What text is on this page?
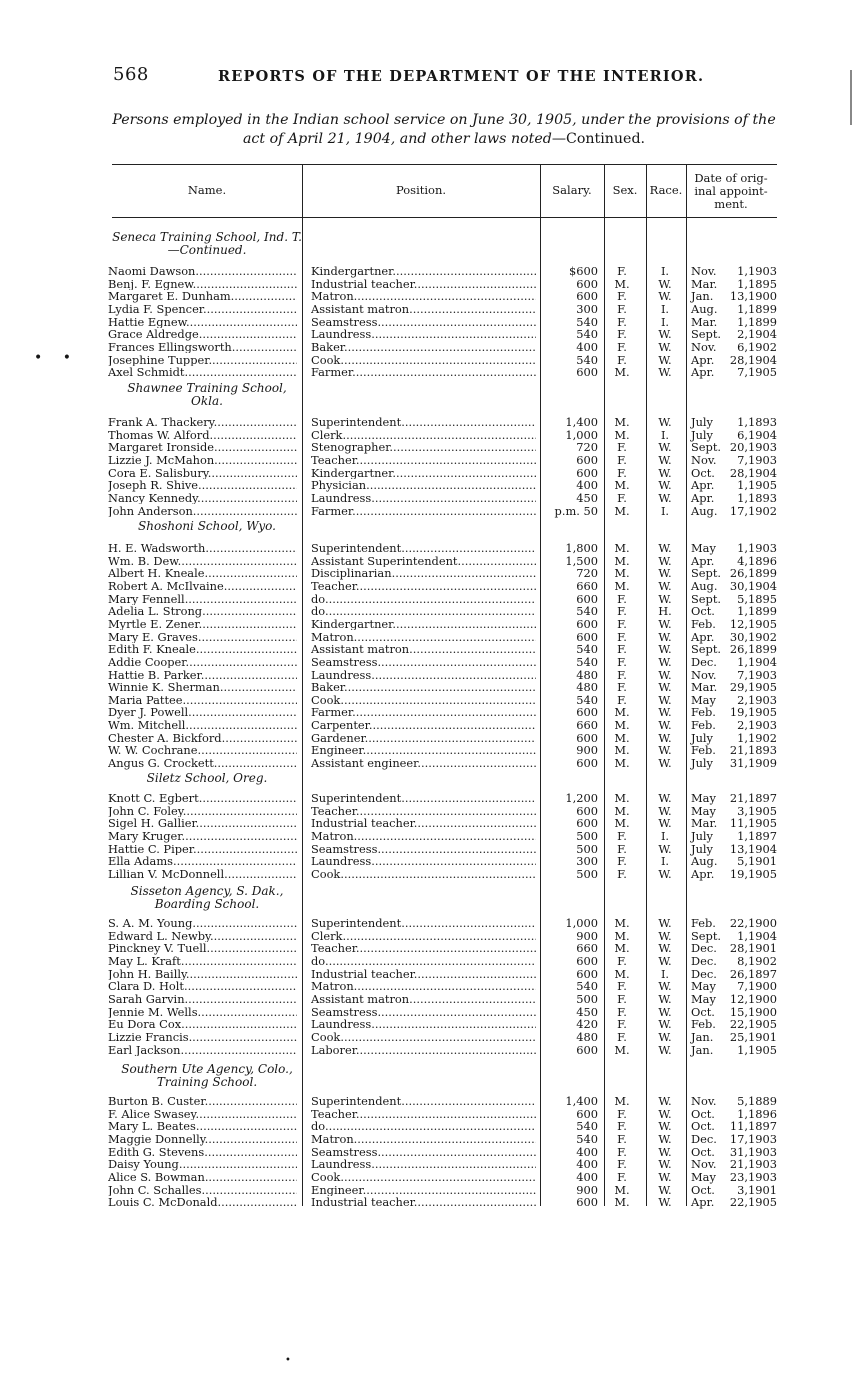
568	REPORTS OF THE DEPARTMENT OF THE INTERIOR.
Persons employed in the Indian school service on June 30, 1905, under the provisions of the act of April 21, 1904, and other laws noted—Continued.
Name.	Position.	Salary.	Sex.	Race.
Date of orig- inal appoint- ment.
Seneca Training School, Ind. T.—Continued.
Naomi Dawson .....	Kindergartner .....	$600	F.	I.	Nov. 1,1903
Benj. F. Egnew .....	Industrial teacher .....	600	M.	W.	Mar. 1,1895
Margaret E. Dunham .....	Matron .....	600	F.	W.	Jan. 13,1900
Lydia F. Spencer .....	Assistant matron .....	300	F.	I.	Aug. 1,1899
Hattie Egnew .....	Seamstress .....	540	F.	I.	Mar. 1,1899
Grace Aldredge .....	Laundress .....	540	F.	W.	Sept. 2,1904
Frances Ellingsworth .....	Baker .....	400	F.	W.	Nov. 6,1902
Josephine Tupper .....	Cook .....	540	F.	W.	Apr. 28,1904
Axel Schmidt .....	Farmer .....	600	M.	W.	Apr. 7,1905
Shawnee Training School, Okla.
Frank A. Thackery .....	Superintendent .....	1,400	M.	W.	July 1,1893
Thomas W. Alford .....	Clerk .....	1,000	M.	I.	July 6,1904
Margaret Ironside .....	Stenographer .....	720	F.	W.	Sept. 20,1903
Lizzie J. McMahon .....	Teacher .....	600	F.	W.	Nov. 7,1903
Cora E. Salisbury .....	Kindergartner .....	600	F.	W.	Oct. 28,1904
Joseph R. Shive .....	Physician .....	400	M.	W.	Apr. 1,1905
Nancy Kennedy .....	Laundress .....	450	F.	W.	Apr. 1,1893
John Anderson .....	Farmer .....	p.m. 50	M.	I.	Aug. 17,1902
Shoshoni School, Wyo.
H. E. Wadsworth .....	Superintendent .....	1,800	M.	W.	May 1,1903
Wm. B. Dew .....	Assistant Superintendent .....	1,500	M.	W.	Apr. 4,1896
Albert H. Kneale .....	Disciplinarian .....	720	M.	W.	Sept. 26,1899
Robert A. McIlvaine .....	Teacher .....	660	M.	W.	Aug. 30,1904
Mary Fennell .....	do .....	600	F.	W.	Sept. 5,1895
Adelia L. Strong .....	do .....	540	F.	H.	Oct. 1,1899
Myrtle E. Zener .....	Kindergartner .....	600	F.	W.	Feb. 12,1905
Mary E. Graves .....	Matron .....	600	F.	W.	Apr. 30,1902
Edith F. Kneale .....	Assistant matron .....	540	F.	W.	Sept. 26,1899
Addie Cooper .....	Seamstress .....	540	F.	W.	Dec. 1,1904
Hattie B. Parker .....	Laundress .....	480	F.	W.	Nov. 7,1903
Winnie K. Sherman .....	Baker .....	480	F.	W.	Mar. 29,1905
Maria Pattee .....	Cook .....	540	F.	W.	May 2,1903
Dyer J. Powell .....	Farmer .....	600	M.	W.	Feb. 19,1905
Wm. Mitchell .....	Carpenter .....	660	M.	W.	Feb. 2,1903
Chester A. Bickford .....	Gardener .....	600	M.	W.	July 1,1902
W. W. Cochrane .....	Engineer .....	900	M.	W.	Feb. 21,1893
Angus G. Crockett .....	Assistant engineer .....	600	M.	W.	July 31,1909
Siletz School, Oreg.
Knott C. Egbert .....	Superintendent .....	1,200	M.	W.	May 21,1897
John C. Foley .....	Teacher .....	600	M.	W.	May 3,1905
Sigel H. Gallier .....	Industrial teacher .....	600	M.	W.	Mar. 11,1905
Mary Kruger .....	Matron .....	500	F.	I.	July 1,1897
Hattie C. Piper .....	Seamstress .....	500	F.	W.	July 13,1904
Ella Adams .....	Laundress .....	300	F.	I.	Aug. 5,1901
Lillian V. McDonnell .....	Cook .....	500	F.	W.	Apr. 19,1905
Sisseton Agency, S. Dak., Boarding School.
S. A. M. Young .....	Superintendent .....	1,000	M.	W.	Feb. 22,1900
Edward L. Newby .....	Clerk .....	900	M.	W.	Sept. 1,1904
Pinckney V. Tuell .....	Teacher .....	660	M.	W.	Dec. 28,1901
May L. Kraft .....	do .....	600	F.	W.	Dec. 8,1902
John H. Bailly .....	Industrial teacher .....	600	M.	I.	Dec. 26,1897
Clara D. Holt .....	Matron .....	540	F.	W.	May 7,1900
Sarah Garvin .....	Assistant matron .....	500	F.	W.	May 12,1900
Jennie M. Wells .....	Seamstress .....	450	F.	W.	Oct. 15,1900
Eu Dora Cox .....	Laundress .....	420	F.	W.	Feb. 22,1905
Lizzie Francis .....	Cook .....	480	F.	W.	Jan. 25,1901
Earl Jackson .....	Laborer .....	600	M.	W.	Jan. 1,1905
Southern Ute Agency, Colo., Training School.
Burton B. Custer .....	Superintendent .....	1,400	M.	W.	Nov. 5,1889
F. Alice Swasey .....	Teacher .....	600	F.	W.	Oct. 1,1896
Mary L. Beates .....	do .....	540	F.	W.	Oct. 11,1897
Maggie Donnelly .....	Matron .....	540	F.	W.	Dec. 17,1903
Edith G. Stevens .....	Seamstress .....	400	F.	W.	Oct. 31,1903
Daisy Young .....	Laundress .....	400	F.	W.	Nov. 21,1903
Alice S. Bowman .....	Cook .....	400	F.	W.	May 23,1903
John C. Schalles .....	Engineer .....	900	M.	W.	Oct. 3,1901
Louis C. McDonald .....	Industrial teacher .....	600	M.	W.	Apr. 22,1905
• •
•
